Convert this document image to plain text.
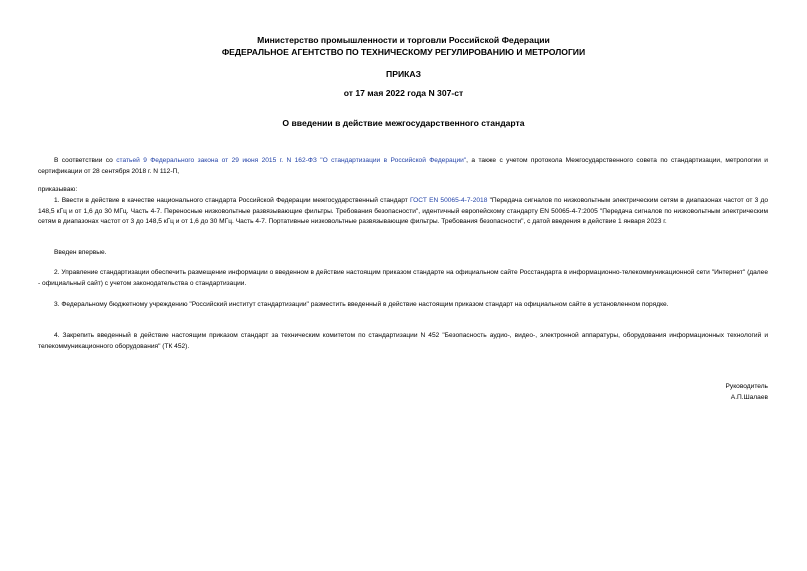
Министерство промышленности и торговли Российской Федерации
ФЕДЕРАЛЬНОЕ АГЕНТСТВО ПО ТЕХНИЧЕСКОМУ РЕГУЛИРОВАНИЮ И МЕТРОЛОГИИ
ПРИКАЗ
от 17 мая 2022 года N 307-ст
О введении в действие межгосударственного стандарта
В соответствии со статьей 9 Федерального закона от 29 июня 2015 г. N 162-ФЗ "О стандартизации в Российской Федерации", а также с учетом протокола Межгосударственного совета по стандартизации, метрологии и сертификации от 28 сентября 2018 г. N 112-П,
приказываю:
1. Ввести в действие в качестве национального стандарта Российской Федерации межгосударственный стандарт ГОСТ EN 50065-4-7-2018 "Передача сигналов по низковольтным электрическим сетям в диапазонах частот от 3 до 148,5 кГц и от 1,6 до 30 МГц. Часть 4-7. Переносные низковольтные развязывающие фильтры. Требования безопасности", идентичный европейскому стандарту EN 50065-4-7:2005 "Передача сигналов по низковольтным электрическим сетям в диапазонах частот от 3 до 148,5 кГц и от 1,6 до 30 МГц. Часть 4-7. Портативные низковольтные развязывающие фильтры. Требования безопасности", с датой введения в действие 1 января 2023 г.
Введен впервые.
2. Управление стандартизации обеспечить размещение информации о введенном в действие настоящим приказом стандарте на официальном сайте Росстандарта в информационно-телекоммуникационной сети "Интернет" (далее - официальный сайт) с учетом законодательства о стандартизации.
3. Федеральному бюджетному учреждению "Российский институт стандартизации" разместить введенный в действие настоящим приказом стандарт на официальном сайте в установленном порядке.
4. Закрепить введенный в действие настоящим приказом стандарт за техническим комитетом по стандартизации N 452 "Безопасность аудио-, видео-, электронной аппаратуры, оборудования информационных технологий и телекоммуникационного оборудования" (ТК 452).
Руководитель
А.П.Шалаев
